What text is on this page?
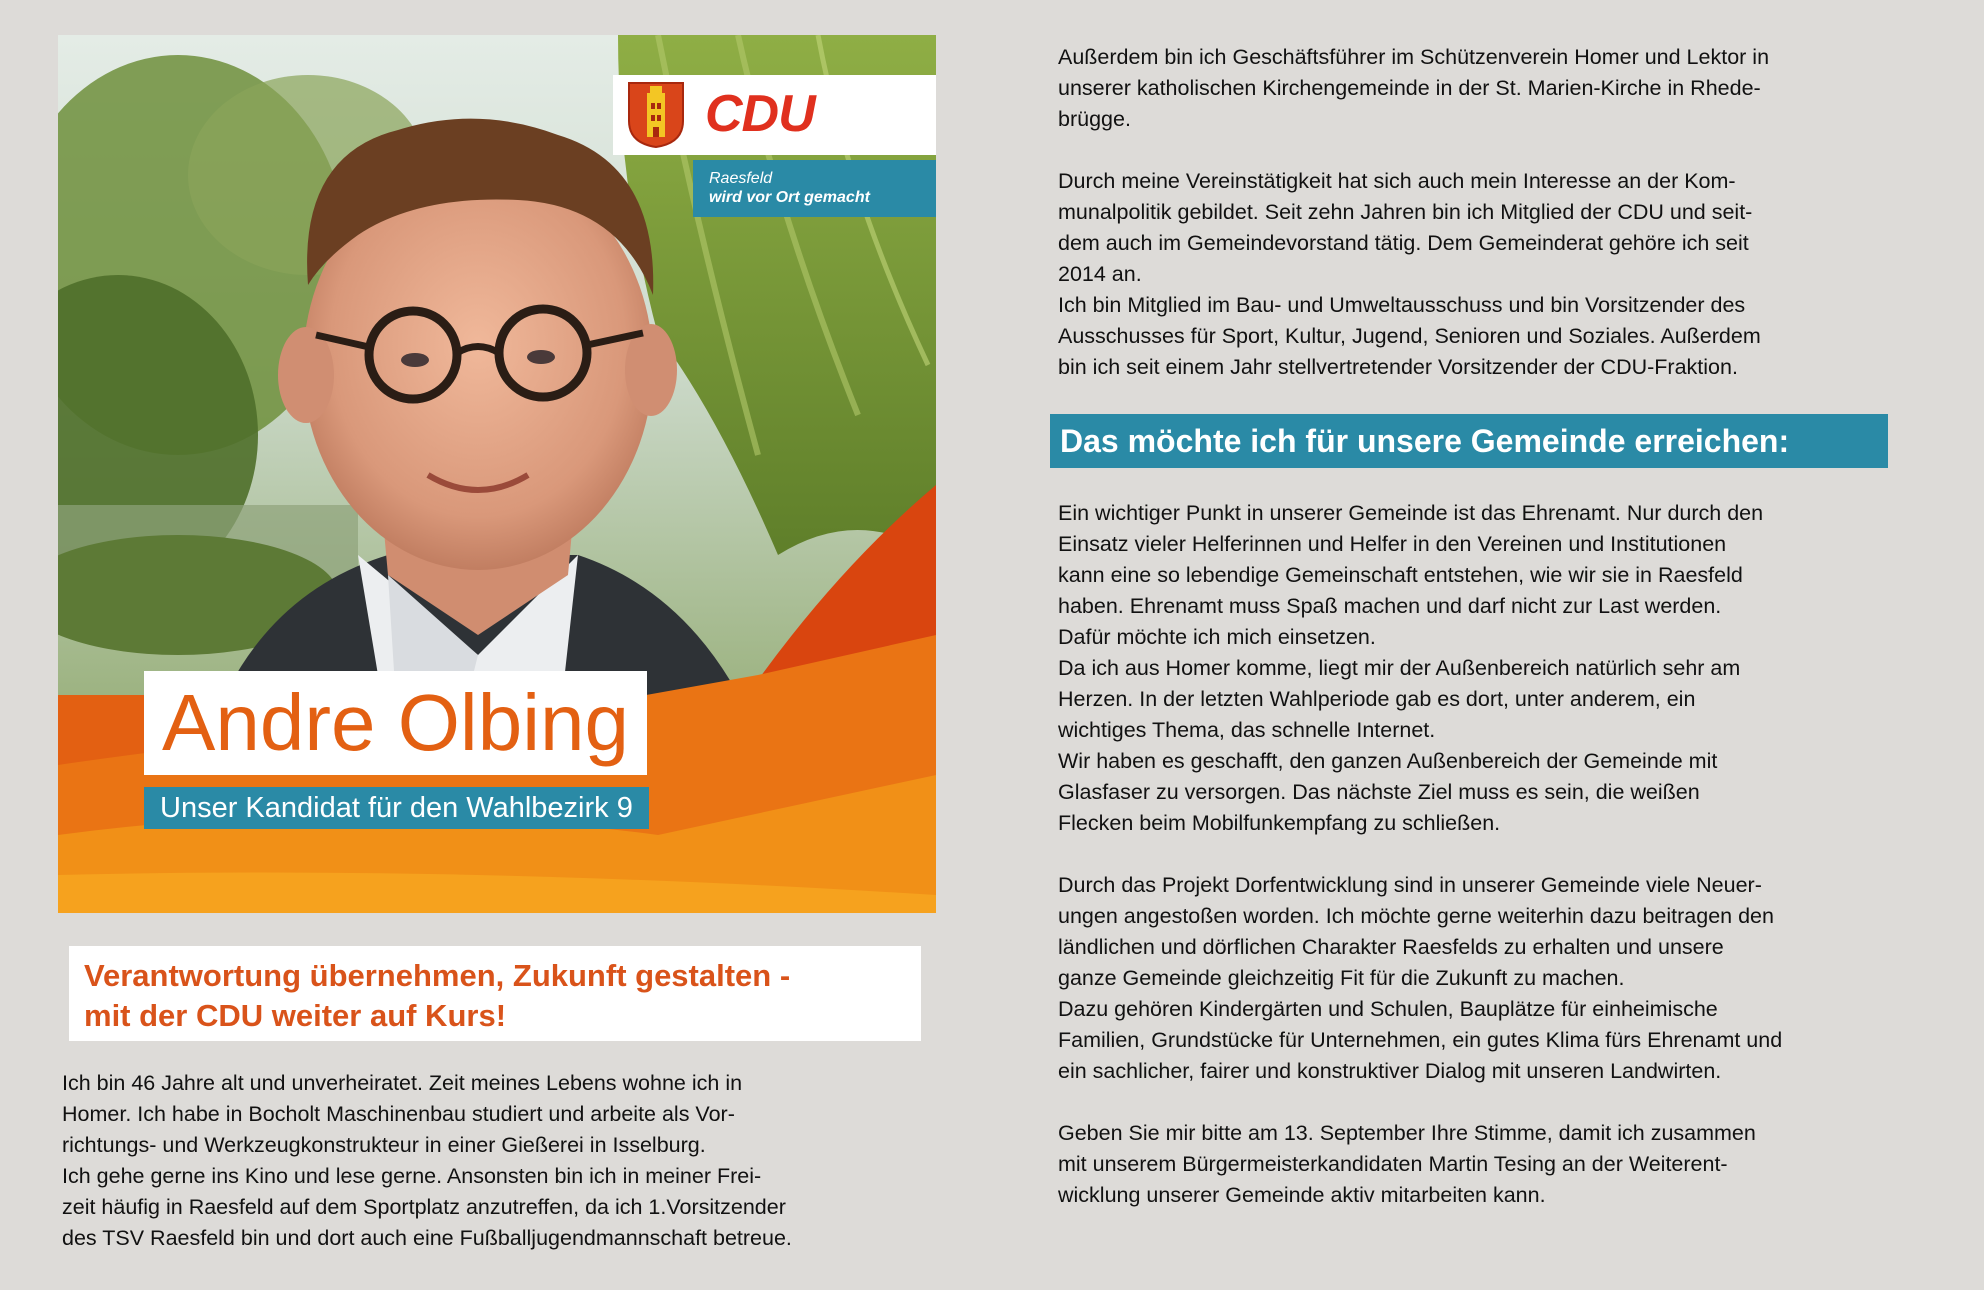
CDU
Raesfeld
wird vor Ort gemacht
Andre Olbing
Unser Kandidat für den Wahlbezirk 9
Verantwortung übernehmen, Zukunft gestalten -
mit der CDU weiter auf Kurs!

Ich bin 46 Jahre alt und unverheiratet. Zeit meines Lebens wohne ich in

Homer. Ich habe in Bocholt Maschinenbau studiert und arbeite als Vor-

richtungs- und Werkzeugkonstrukteur in einer Gießerei in Isselburg.

Ich gehe gerne ins Kino und lese gerne. Ansonsten bin ich in meiner Frei-

zeit häufig in Raesfeld auf dem Sportplatz anzutreffen, da ich 1.Vorsitzender

des TSV Raesfeld bin und dort auch eine Fußballjugendmannschaft betreue.

Außerdem bin ich Geschäftsführer im Schützenverein Homer und Lektor in

unserer katholischen Kirchengemeinde in der St. Marien-Kirche in Rhede-

brügge.

Durch meine Vereinstätigkeit hat sich auch mein Interesse an der Kom-

munalpolitik gebildet. Seit zehn Jahren bin ich Mitglied der CDU und seit-

dem auch im Gemeindevorstand tätig. Dem Gemeinderat gehöre ich seit

2014 an.

Ich bin Mitglied im Bau- und Umweltausschuss und bin Vorsitzender des

Ausschusses für Sport, Kultur, Jugend, Senioren und Soziales. Außerdem

bin ich seit einem Jahr stellvertretender Vorsitzender der CDU-Fraktion.

Das möchte ich für unsere Gemeinde erreichen:

Ein wichtiger Punkt in unserer Gemeinde ist das Ehrenamt. Nur durch den

Einsatz vieler Helferinnen und Helfer in den Vereinen und Institutionen

kann eine so lebendige Gemeinschaft entstehen, wie wir sie in Raesfeld

haben. Ehrenamt muss Spaß machen und darf nicht zur Last werden.

Dafür möchte ich mich einsetzen.

Da ich aus Homer komme, liegt mir der Außenbereich natürlich sehr am

Herzen. In der letzten Wahlperiode gab es dort, unter anderem, ein

wichtiges Thema, das schnelle Internet.

Wir haben es geschafft, den ganzen Außenbereich der Gemeinde mit

Glasfaser zu versorgen. Das nächste Ziel muss es sein, die weißen

Flecken beim Mobilfunkempfang zu schließen.

Durch das Projekt Dorfentwicklung sind in unserer Gemeinde viele Neuer-

ungen angestoßen worden. Ich möchte gerne weiterhin dazu beitragen den

ländlichen und dörflichen Charakter Raesfelds zu erhalten und unsere

ganze Gemeinde gleichzeitig Fit für die Zukunft zu machen.

Dazu gehören Kindergärten und Schulen, Bauplätze für einheimische

Familien, Grundstücke für Unternehmen, ein gutes Klima fürs Ehrenamt und

ein sachlicher, fairer und konstruktiver Dialog mit unseren Landwirten.

Geben Sie mir bitte am 13. September Ihre Stimme, damit ich zusammen

mit unserem Bürgermeisterkandidaten Martin Tesing an der Weiterent-

wicklung unserer Gemeinde aktiv mitarbeiten kann.
